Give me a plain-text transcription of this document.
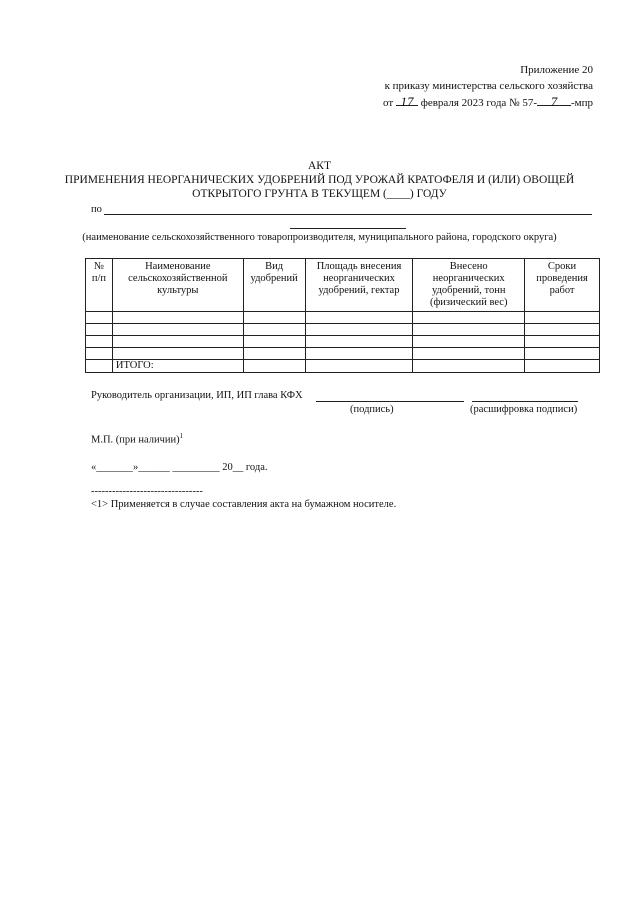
Приложение 20
к приказу министерства сельского хозяйства
от 17 февраля 2023 года № 57- 7 -мпр
АКТ
ПРИМЕНЕНИЯ НЕОРГАНИЧЕСКИХ УДОБРЕНИЙ ПОД УРОЖАЙ КРАТОФЕЛЯ И (ИЛИ) ОВОЩЕЙ
ОТКРЫТОГО ГРУНТА В ТЕКУЩЕМ (____) ГОДУ
по
(наименование сельскохозяйственного товаропроизводителя, муниципального района, городского округа)
№ п/п	Наименование сельскохозяйственной культуры	Вид удобрений	Площадь внесения неорганических удобрений, гектар	Внесено неорганических удобрений, тонн (физический вес)	Сроки проведения работ

	ИТОГО:				
Руководитель организации, ИП, ИП глава КФХ
(подпись)	(расшифровка подписи)
М.П. (при наличии)$^1$
«_______»______ _________ 20__ года.
--------------------------------
<1> Применяется в случае составления акта на бумажном носителе.
